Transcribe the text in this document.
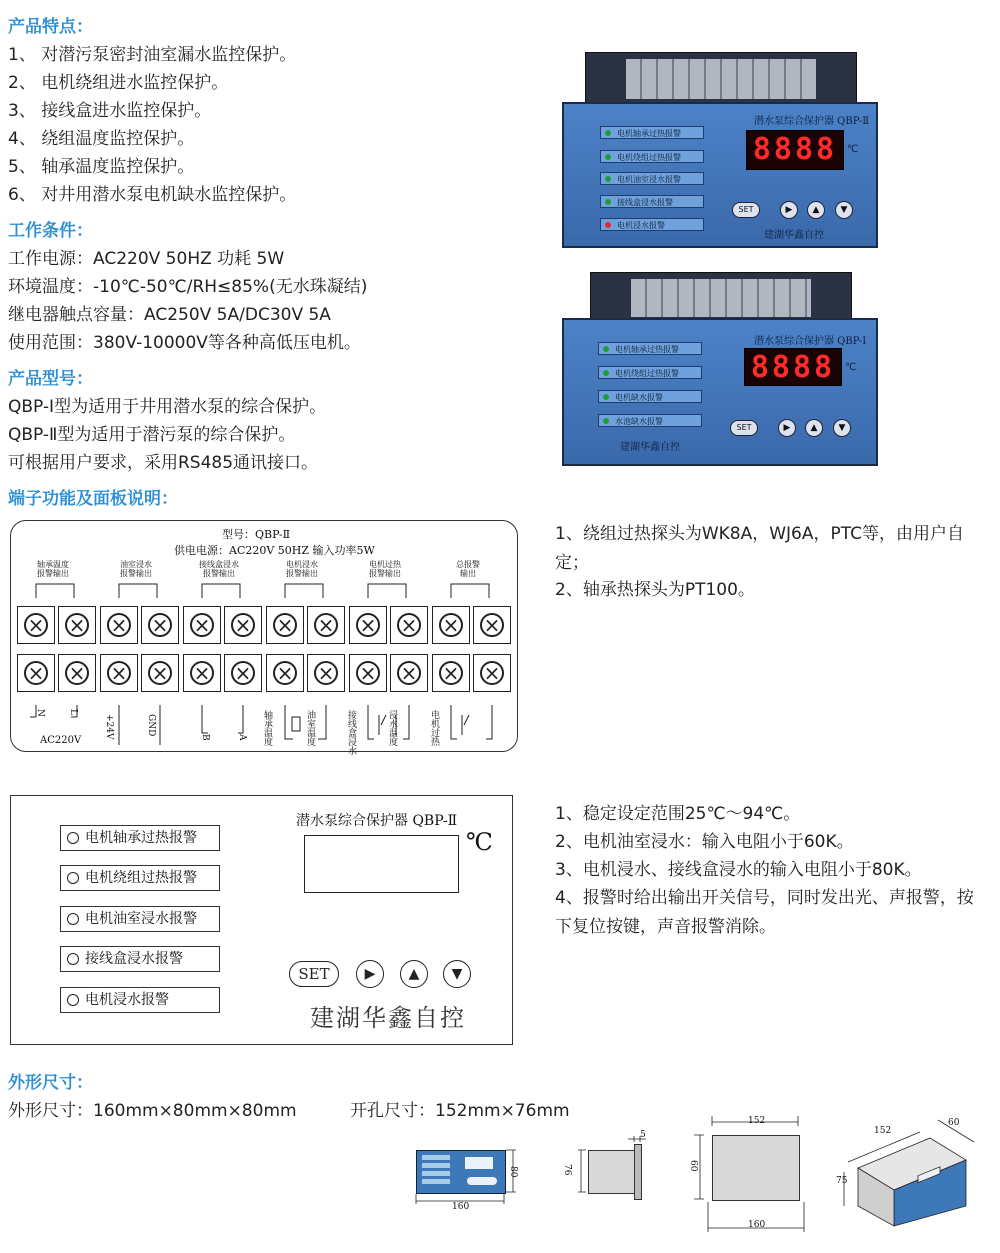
产品特点：
1、 对潜污泵密封油室漏水监控保护。
2、 电机绕组进水监控保护。
3、 接线盒进水监控保护。
4、 绕组温度监控保护。
5、 轴承温度监控保护。
6、 对井用潜水泵电机缺水监控保护。
工作条件：
工作电源：AC220V 50HZ 功耗 5W
环境温度：-10℃-50℃/RH≤85%(无水珠凝结)
继电器触点容量：AC250V 5A/DC30V 5A
使用范围：380V-10000V等各种高低压电机。
产品型号：
QBP-Ⅰ型为适用于井用潜水泵的综合保护。
QBP-Ⅱ型为适用于潜污泵的综合保护。
可根据用户要求，采用RS485通讯接口。
潜水泵综合保护器 QBP-Ⅱ
8888 ℃
电机轴承过热报警
电机绕组过热报警
电机油室浸水报警
接线盒浸水报警
电机浸水报警
SET	▶	▲	▼
建湖华鑫自控
潜水泵综合保护器 QBP-Ⅰ
8888 ℃
电机轴承过热报警
电机绕组过热报警
电机缺水报警
水池缺水报警
SET	▶	▲	▼
建湖华鑫自控
端子功能及面板说明：
型号：QBP-Ⅱ
供电电源：AC220V 50HZ 输入功率5W
轴承温度
报警输出
油室浸水
报警输出
接线盒浸水
报警输出
电机浸水
报警输出
电机过热
报警输出
总报警
输出
×
×
×
×
×
×
×
×
×
×
×
×
×
×
×
×
×
×
×
×
×
×
×
×
N	L
+24V	GND
B	A 轴承温度	油室温度	接线盒浸水	浸水温度	电机过热
AC220V
1、绕组过热探头为WK8A，WJ6A，PTC等，由用户自定；
2、轴承热探头为PT100。
潜水泵综合保护器 QBP-Ⅱ
电机轴承过热报警
电机绕组过热报警
电机油室浸水报警
接线盒浸水报警
电机浸水报警
℃
SET	▶	▲	▼
建湖华鑫自控
1、稳定设定范围25℃～94℃。
2、电机油室浸水：输入电阻小于60K。
3、电机浸水、接线盒浸水的输入电阻小于80K。
4、报警时给出输出开关信号，同时发出光、声报警，按下复位按键，声音报警消除。
外形尺寸：
外形尺寸：160mm×80mm×80mm	开孔尺寸：152mm×76mm
160
80	76
5
152
60
160
152
60
75
